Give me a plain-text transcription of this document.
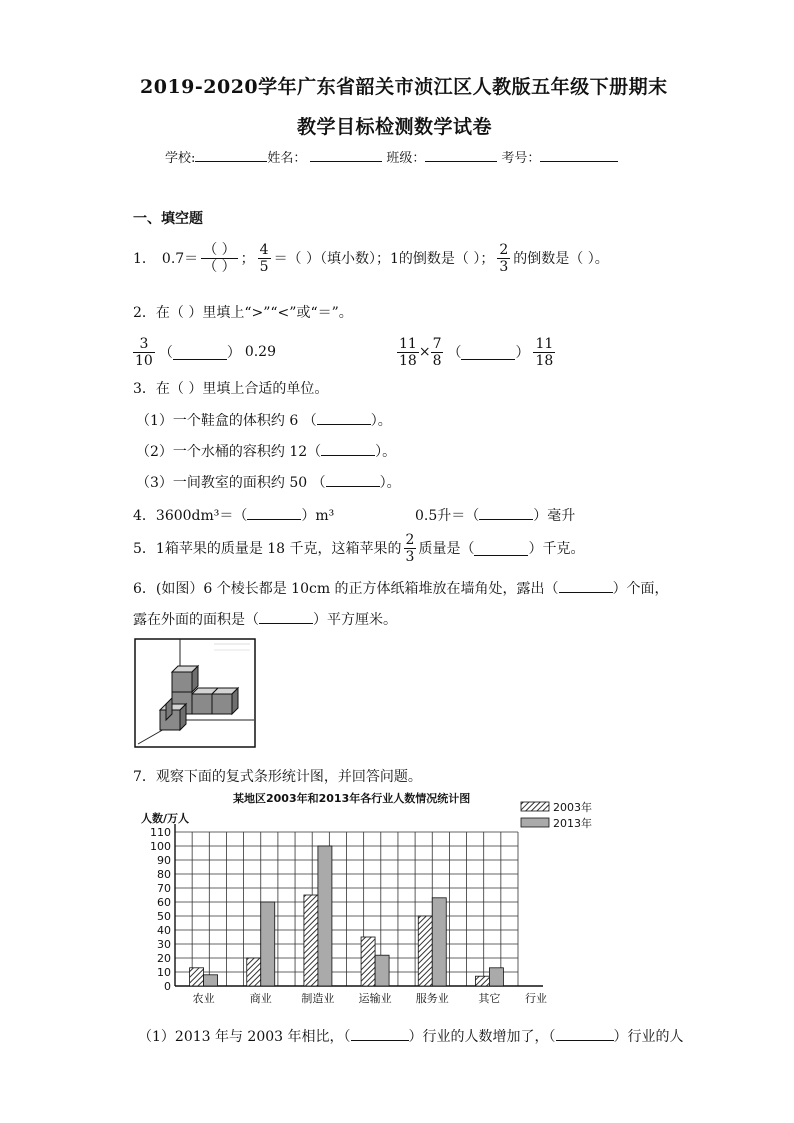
2019-2020学年广东省韶关市浈江区人教版五年级下册期末
教学目标检测数学试卷
学校:	姓名：	班级：	考号：
一、填空题
1． $0.7= \frac{( )}{( )}$ ； $\frac{4}{5}$ ＝（ ）（填小数）；1的倒数是（ ）； $\frac{2}{3}$ 的倒数是（ ）。
2．在（ ）里填上“>”“<”或“＝”。
$\frac{3}{10}$ （	） 0.29	$\frac{11}{18} \times \frac{7}{8}$ （	） $\frac{11}{18}$
3．在（ ）里填上合适的单位。
（1）一个鞋盒的体积约 6 （	）。
（2）一个水桶的容积约 12（	）。
（3）一间教室的面积约 50 （	）。
4．3600dm³＝（	）m³	0.5升＝（	）毫升
5．1箱苹果的质量是 18 千克，这箱苹果的 $\frac{2}{3}$ 质量是（	）千克。
6．(如图）6 个棱长都是 10cm 的正方体纸箱堆放在墙角处，露出（	）个面，
露在外面的面积是（	）平方厘米。
7．观察下面的复式条形统计图，并回答问题。
某地区2003年和2013年各行业人数情况统计图
人数/万人
行业
2003年
2013年
0
10
20
30
40
50
60
70
80
90
100
110
农业	商业	制造业 运输业 服务业	其它
（1）2013 年与 2003 年相比，（	）行业的人数增加了，（	）行业的人
